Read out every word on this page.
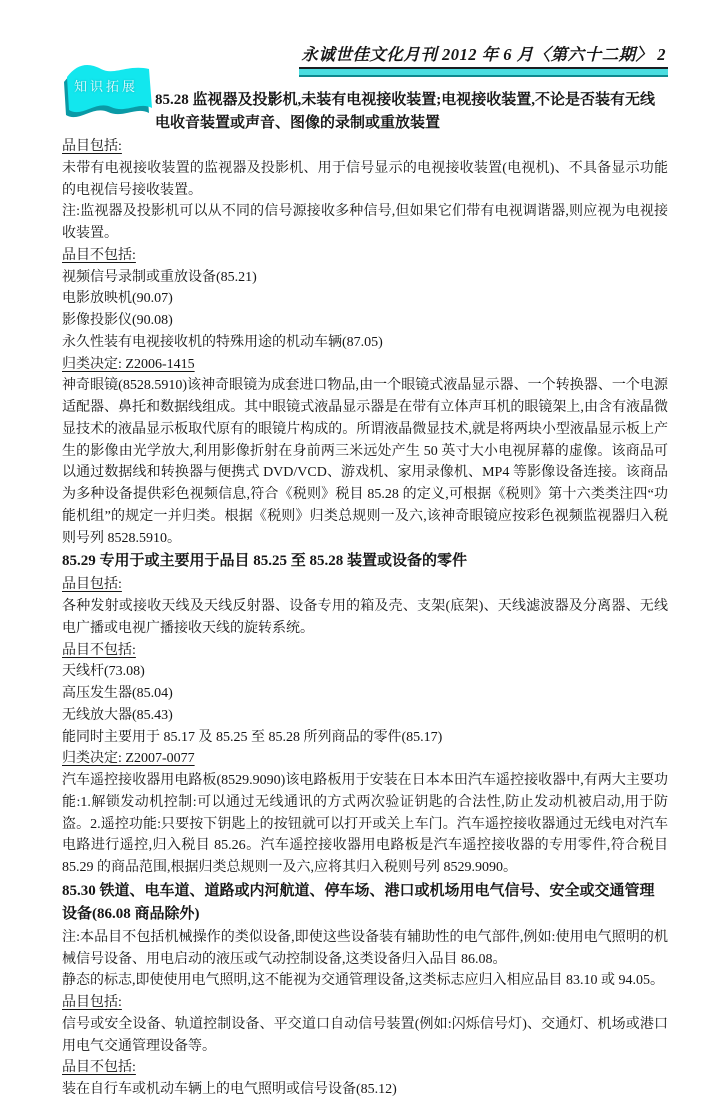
永诚世佳文化月刊 2012 年 6 月〈第六十二期〉 2
知识拓展
85.28 监视器及投影机,未装有电视接收装置;电视接收装置,不论是否装有无线电收音装置或声音、图像的录制或重放装置

品目包括:

未带有电视接收装置的监视器及投影机、用于信号显示的电视接收装置(电视机)、不具备显示功能的电视信号接收装置。

注:监视器及投影机可以从不同的信号源接收多种信号,但如果它们带有电视调谐器,则应视为电视接收装置。

品目不包括:

视频信号录制或重放设备(85.21)

电影放映机(90.07)

影像投影仪(90.08)

永久性装有电视接收机的特殊用途的机动车辆(87.05)

归类决定: Z2006-1415

神奇眼镜(8528.5910)该神奇眼镜为成套进口物品,由一个眼镜式液晶显示器、一个转换器、一个电源适配器、鼻托和数据线组成。其中眼镜式液晶显示器是在带有立体声耳机的眼镜架上,由含有液晶微显技术的液晶显示板取代原有的眼镜片构成的。所谓液晶微显技术,就是将两块小型液晶显示板上产生的影像由光学放大,利用影像折射在身前两三米远处产生 50 英寸大小电视屏幕的虚像。该商品可以通过数据线和转换器与便携式 DVD/VCD、游戏机、家用录像机、MP4 等影像设备连接。该商品为多种设备提供彩色视频信息,符合《税则》税目 85.28 的定义,可根据《税则》第十六类类注四“功能机组”的规定一并归类。根据《税则》归类总规则一及六,该神奇眼镜应按彩色视频监视器归入税则号列 8528.5910。

85.29 专用于或主要用于品目 85.25 至 85.28 装置或设备的零件

品目包括:

各种发射或接收天线及天线反射器、设备专用的箱及壳、支架(底架)、天线滤波器及分离器、无线电广播或电视广播接收天线的旋转系统。

品目不包括:

天线杆(73.08)

高压发生器(85.04)

无线放大器(85.43)

能同时主要用于 85.17 及 85.25 至 85.28 所列商品的零件(85.17)

归类决定: Z2007-0077

汽车遥控接收器用电路板(8529.9090)该电路板用于安装在日本本田汽车遥控接收器中,有两大主要功能:1.解锁发动机控制:可以通过无线通讯的方式两次验证钥匙的合法性,防止发动机被启动,用于防盗。2.遥控功能:只要按下钥匙上的按钮就可以打开或关上车门。汽车遥控接收器通过无线电对汽车电路进行遥控,归入税目 85.26。汽车遥控接收器用电路板是汽车遥控接收器的专用零件,符合税目 85.29 的商品范围,根据归类总规则一及六,应将其归入税则号列 8529.9090。

85.30 铁道、电车道、道路或内河航道、停车场、港口或机场用电气信号、安全或交通管理设备(86.08 商品除外)

注:本品目不包括机械操作的类似设备,即使这些设备装有辅助性的电气部件,例如:使用电气照明的机械信号设备、用电启动的液压或气动控制设备,这类设备归入品目 86.08。

静态的标志,即使使用电气照明,这不能视为交通管理设备,这类标志应归入相应品目 83.10 或 94.05。

品目包括:

信号或安全设备、轨道控制设备、平交道口自动信号装置(例如:闪烁信号灯)、交通灯、机场或港口用电气交通管理设备等。

品目不包括:

装在自行车或机动车辆上的电气照明或信号设备(85.12)
